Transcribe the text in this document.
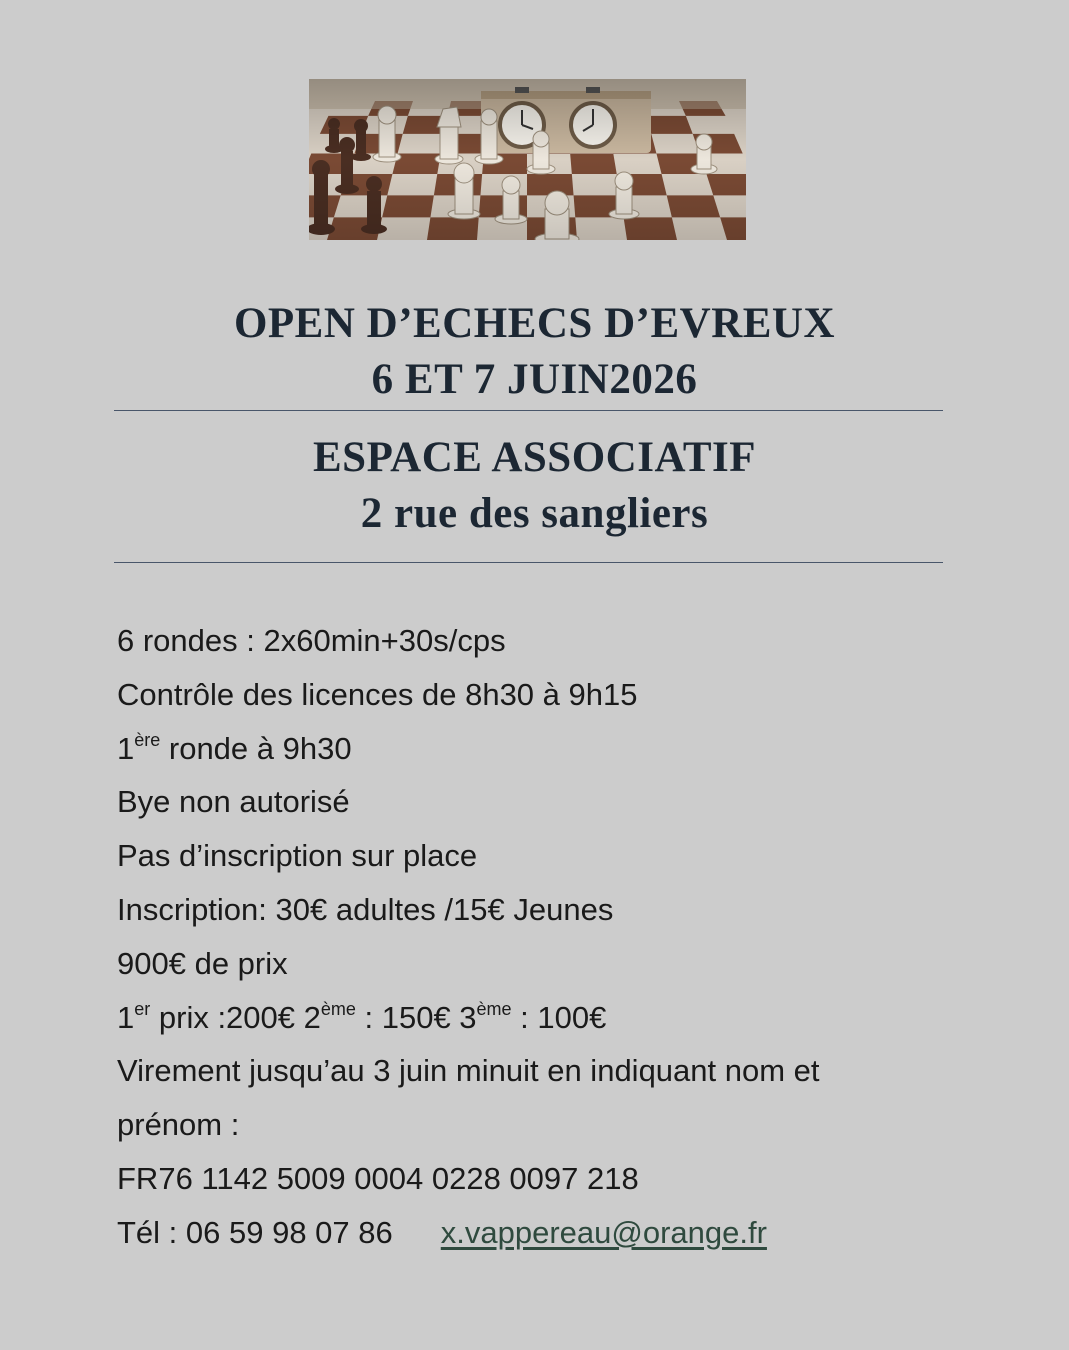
OPEN D’ECHECS D’EVREUX
6 ET 7 JUIN2026
ESPACE ASSOCIATIF
2 rue des sangliers
6 rondes : 2x60min+30s/cps
Contrôle des licences de 8h30 à 9h15
1ère ronde à 9h30
Bye non autorisé
Pas d’inscription sur place
Inscription: 30€ adultes /15€ Jeunes
900€ de prix
1er prix :200€ 2ème : 150€ 3ème : 100€
Virement jusqu’au 3 juin minuit en indiquant nom et
prénom :
FR76 1142 5009 0004 0228 0097 218
Tél : 06 59 98 07 86 x.vappereau@orange.fr
